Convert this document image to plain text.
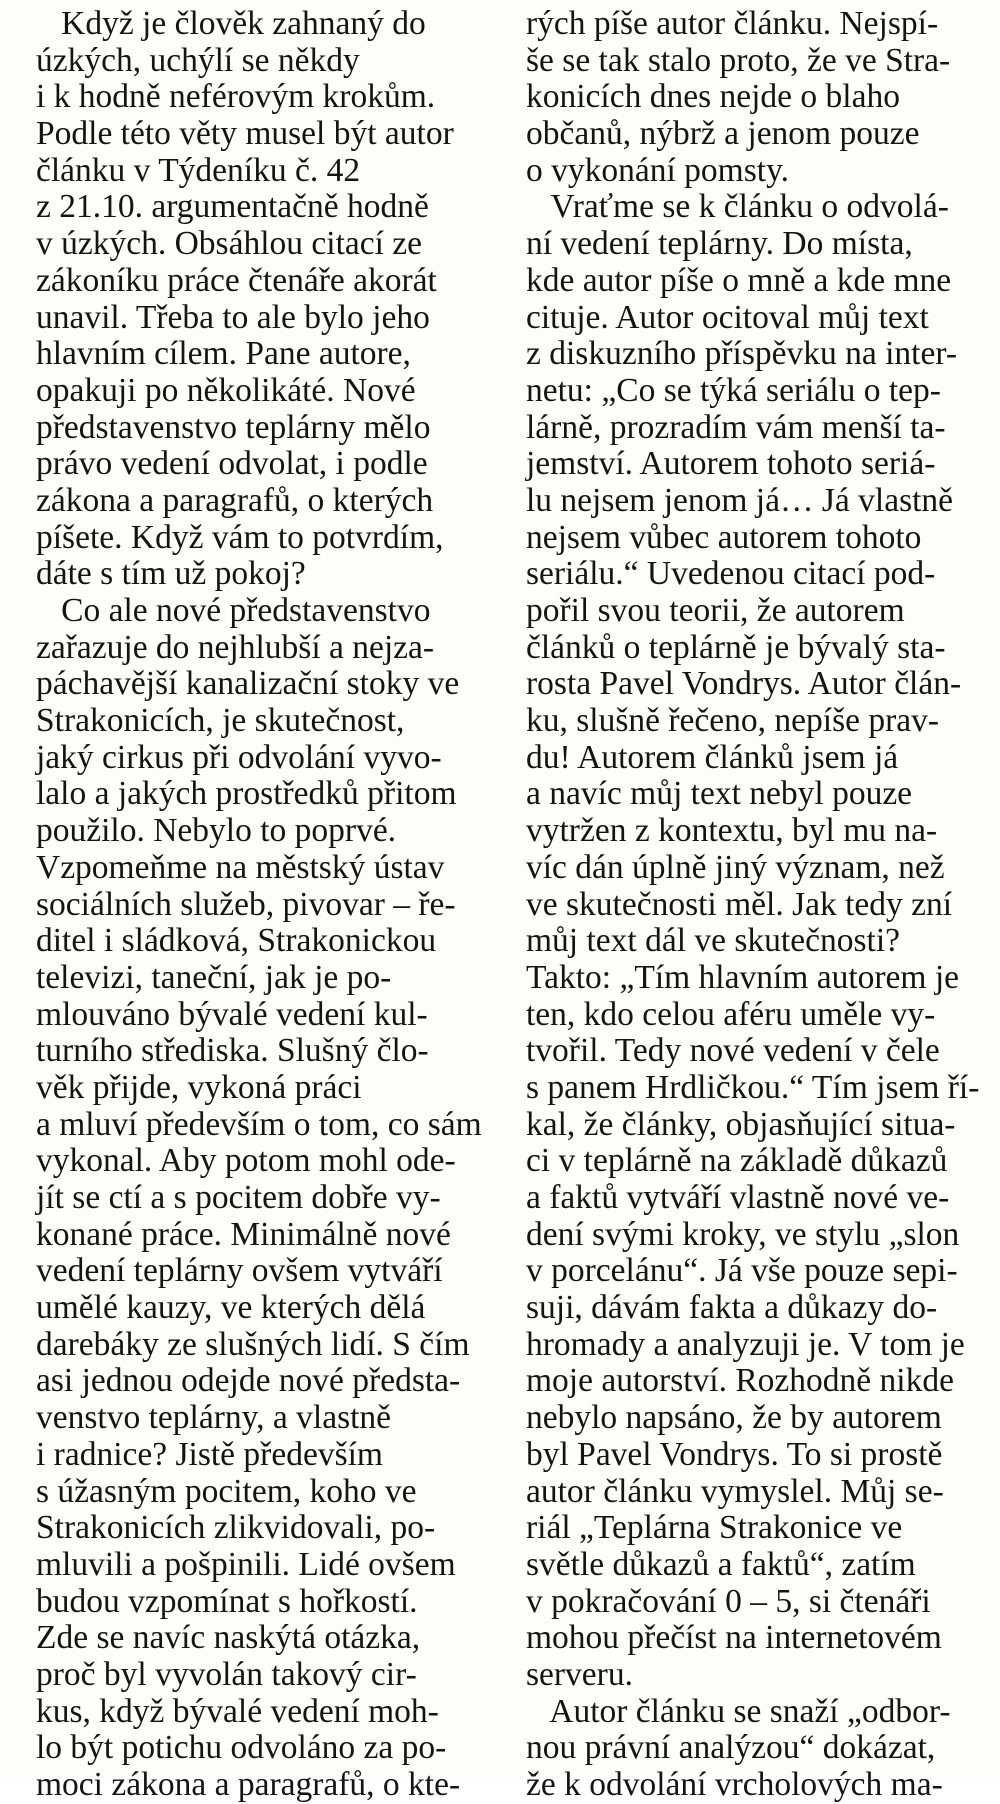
Když je člověk zahnaný do
úzkých, uchýlí se někdy
i k hodně neférovým krokům.
Podle této věty musel být autor
článku v Týdeníku č. 42
z 21.10. argumentačně hodně
v úzkých. Obsáhlou citací ze
zákoníku práce čtenáře akorát
unavil. Třeba to ale bylo jeho
hlavním cílem. Pane autore,
opakuji po několikáté. Nové
představenstvo teplárny mělo
právo vedení odvolat, i podle
zákona a paragrafů, o kterých
píšete. Když vám to potvrdím,
dáte s tím už pokoj?
Co ale nové představenstvo
zařazuje do nejhlubší a nejza-
páchavější kanalizační stoky ve
Strakonicích, je skutečnost,
jaký cirkus při odvolání vyvo-
lalo a jakých prostředků přitom
použilo. Nebylo to poprvé.
Vzpomeňme na městský ústav
sociálních služeb, pivovar – ře-
ditel i sládková, Strakonickou
televizi, taneční, jak je po-
mlouváno bývalé vedení kul-
turního střediska. Slušný člo-
věk přijde, vykoná práci
a mluví především o tom, co sám
vykonal. Aby potom mohl ode-
jít se ctí a s pocitem dobře vy-
konané práce. Minimálně nové
vedení teplárny ovšem vytváří
umělé kauzy, ve kterých dělá
darebáky ze slušných lidí. S čím
asi jednou odejde nové předsta-
venstvo teplárny, a vlastně
i radnice? Jistě především
s úžasným pocitem, koho ve
Strakonicích zlikvidovali, po-
mluvili a pošpinili. Lidé ovšem
budou vzpomínat s hořkostí.
Zde se navíc naskýtá otázka,
proč byl vyvolán takový cir-
kus, když bývalé vedení moh-
lo být potichu odvoláno za po-
moci zákona a paragrafů, o kte-
rých píše autor článku. Nejspí-
še se tak stalo proto, že ve Stra-
konicích dnes nejde o blaho
občanů, nýbrž a jenom pouze
o vykonání pomsty.
Vraťme se k článku o odvolá-
ní vedení teplárny. Do místa,
kde autor píše o mně a kde mne
cituje. Autor ocitoval můj text
z diskuzního příspěvku na inter-
netu: „Co se týká seriálu o tep-
lárně, prozradím vám menší ta-
jemství. Autorem tohoto seriá-
lu nejsem jenom já… Já vlastně
nejsem vůbec autorem tohoto
seriálu.“ Uvedenou citací pod-
pořil svou teorii, že autorem
článků o teplárně je bývalý sta-
rosta Pavel Vondrys. Autor člán-
ku, slušně řečeno, nepíše prav-
du! Autorem článků jsem já
a navíc můj text nebyl pouze
vytržen z kontextu, byl mu na-
víc dán úplně jiný význam, než
ve skutečnosti měl. Jak tedy zní
můj text dál ve skutečnosti?
Takto: „Tím hlavním autorem je
ten, kdo celou aféru uměle vy-
tvořil. Tedy nové vedení v čele
s panem Hrdličkou.“ Tím jsem ří-
kal, že články, objasňující situa-
ci v teplárně na základě důkazů
a faktů vytváří vlastně nové ve-
dení svými kroky, ve stylu „slon
v porcelánu“. Já vše pouze sepi-
suji, dávám fakta a důkazy do-
hromady a analyzuji je. V tom je
moje autorství. Rozhodně nikde
nebylo napsáno, že by autorem
byl Pavel Vondrys. To si prostě
autor článku vymyslel. Můj se-
riál „Teplárna Strakonice ve
světle důkazů a faktů“, zatím
v pokračování 0 – 5, si čtenáři
mohou přečíst na internetovém
serveru.
Autor článku se snaží „odbor-
nou právní analýzou“ dokázat,
že k odvolání vrcholových ma-
